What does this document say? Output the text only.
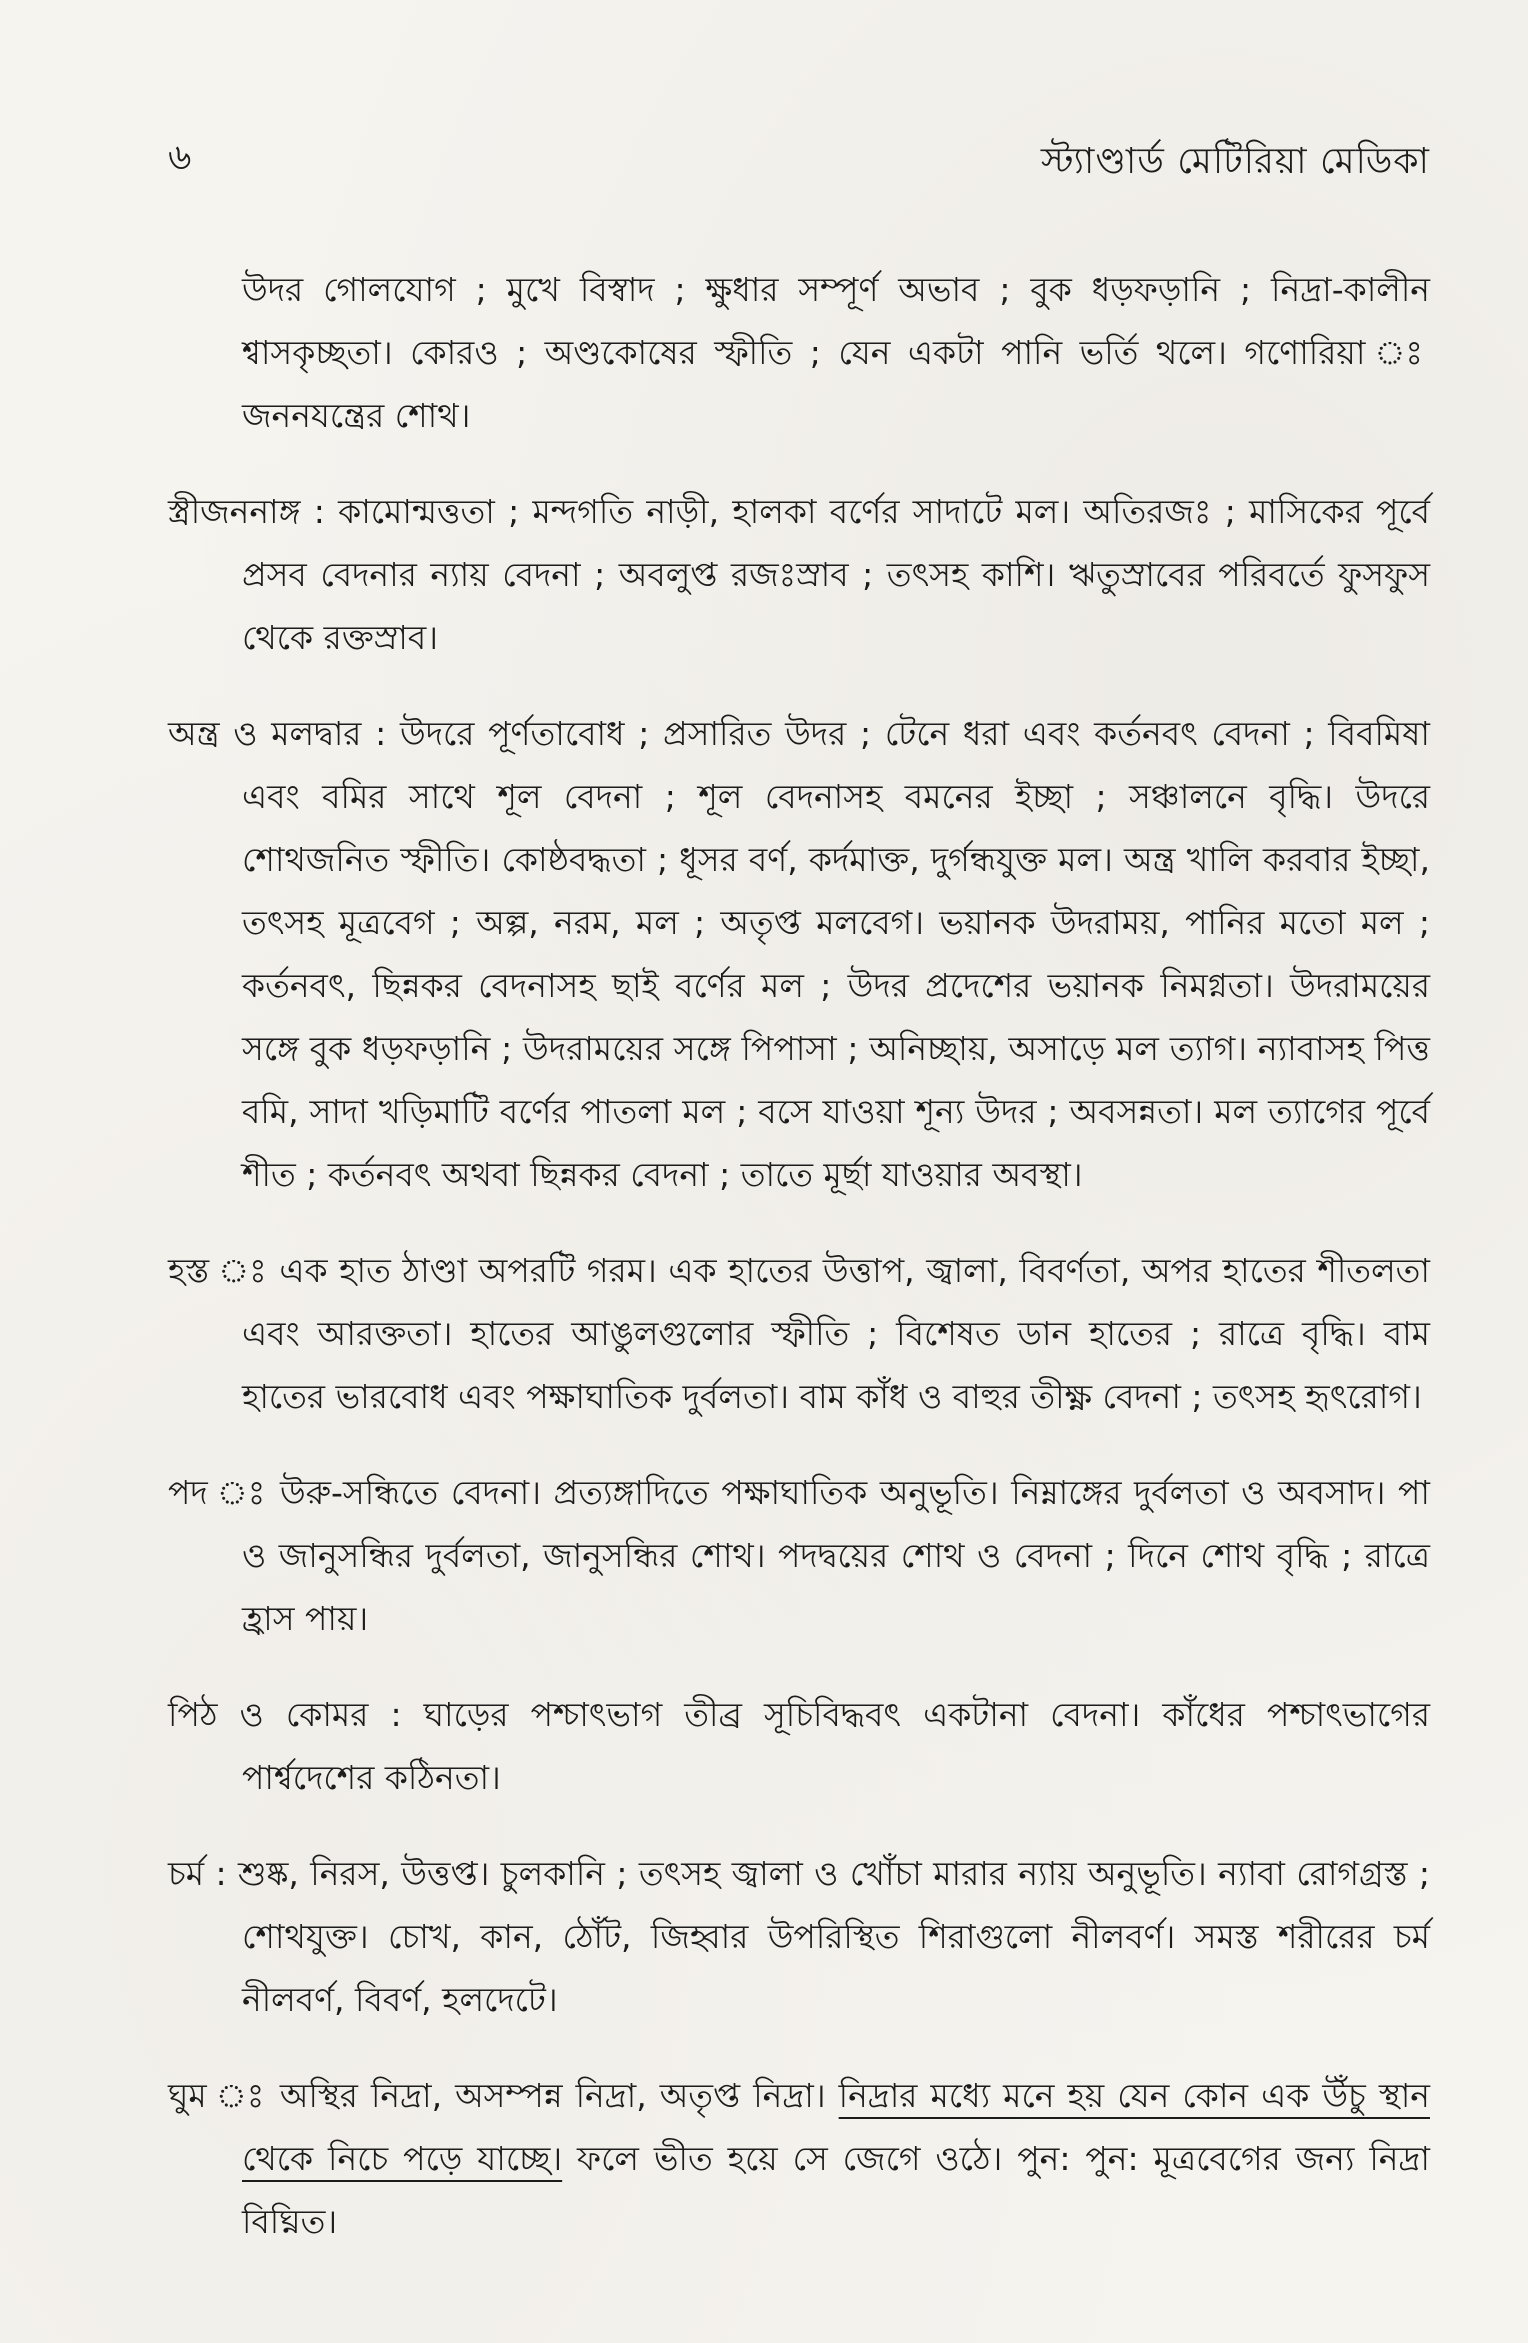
৬	স্ট্যাণ্ডার্ড মেটিরিয়া মেডিকা

উদর গোলযোগ ; মুখে বিস্বাদ ; ক্ষুধার সম্পূর্ণ অভাব ; বুক ধড়ফড়ানি ; নিদ্রা-কালীন শ্বাসকৃচ্ছতা। কোরও ; অণ্ডকোষের স্ফীতি ; যেন একটা পানি ভর্তি থলে। গণোরিয়া ঃ জননযন্ত্রের শোথ।

স্ত্রীজননাঙ্গ : কামোন্মত্ততা ; মন্দগতি নাড়ী, হালকা বর্ণের সাদাটে মল। অতিরজঃ ; মাসিকের পূর্বে প্রসব বেদনার ন্যায় বেদনা ; অবলুপ্ত রজঃস্রাব ; তৎসহ কাশি। ঋতুস্রাবের পরিবর্তে ফুসফুস থেকে রক্তস্রাব।

অন্ত্র ও মলদ্বার : উদরে পূর্ণতাবোধ ; প্রসারিত উদর ; টেনে ধরা এবং কর্তনবৎ বেদনা ; বিবমিষা এবং বমির সাথে শূল বেদনা ; শূল বেদনাসহ বমনের ইচ্ছা ; সঞ্চালনে বৃদ্ধি। উদরে শোথজনিত স্ফীতি। কোষ্ঠবদ্ধতা ; ধূসর বর্ণ, কর্দমাক্ত, দুর্গন্ধযুক্ত মল। অন্ত্র খালি করবার ইচ্ছা, তৎসহ মূত্রবেগ ; অল্প, নরম, মল ; অতৃপ্ত মলবেগ। ভয়ানক উদরাময়, পানির মতো মল ; কর্তনবৎ, ছিন্নকর বেদনাসহ ছাই বর্ণের মল ; উদর প্রদেশের ভয়ানক নিমগ্নতা। উদরাময়ের সঙ্গে বুক ধড়ফড়ানি ; উদরাময়ের সঙ্গে পিপাসা ; অনিচ্ছায়, অসাড়ে মল ত্যাগ। ন্যাবাসহ পিত্ত বমি, সাদা খড়িমাটি বর্ণের পাতলা মল ; বসে যাওয়া শূন্য উদর ; অবসন্নতা। মল ত্যাগের পূর্বে শীত ; কর্তনবৎ অথবা ছিন্নকর বেদনা ; তাতে মূর্ছা যাওয়ার অবস্থা।

হস্ত ঃ এক হাত ঠাণ্ডা অপরটি গরম। এক হাতের উত্তাপ, জ্বালা, বিবর্ণতা, অপর হাতের শীতলতা এবং আরক্ততা। হাতের আঙুলগুলোর স্ফীতি ; বিশেষত ডান হাতের ; রাত্রে বৃদ্ধি। বাম হাতের ভারবোধ এবং পক্ষাঘাতিক দুর্বলতা। বাম কাঁধ ও বাহুর তীক্ষ্ণ বেদনা ; তৎসহ হৃৎরোগ।

পদ ঃ উরু-সন্ধিতে বেদনা। প্রত্যঙ্গাদিতে পক্ষাঘাতিক অনুভূতি। নিম্নাঙ্গের দুর্বলতা ও অবসাদ। পা ও জানুসন্ধির দুর্বলতা, জানুসন্ধির শোথ। পদদ্বয়ের শোথ ও বেদনা ; দিনে শোথ বৃদ্ধি ; রাত্রে হ্রাস পায়।

পিঠ ও কোমর : ঘাড়ের পশ্চাৎভাগ তীব্র সূচিবিদ্ধবৎ একটানা বেদনা। কাঁধের পশ্চাৎভাগের পার্শ্বদেশের কঠিনতা।

চর্ম : শুষ্ক, নিরস, উত্তপ্ত। চুলকানি ; তৎসহ জ্বালা ও খোঁচা মারার ন্যায় অনুভূতি। ন্যাবা রোগগ্রস্ত ; শোথযুক্ত। চোখ, কান, ঠোঁট, জিহ্বার উপরিস্থিত শিরাগুলো নীলবর্ণ। সমস্ত শরীরের চর্ম নীলবর্ণ, বিবর্ণ, হলদেটে।

ঘুম ঃ অস্থির নিদ্রা, অসম্পন্ন নিদ্রা, অতৃপ্ত নিদ্রা। নিদ্রার মধ্যে মনে হয় যেন কোন এক উঁচু স্থান থেকে নিচে পড়ে যাচ্ছে। ফলে ভীত হয়ে সে জেগে ওঠে। পুন: পুন: মূত্রবেগের জন্য নিদ্রা বিঘ্নিত।
